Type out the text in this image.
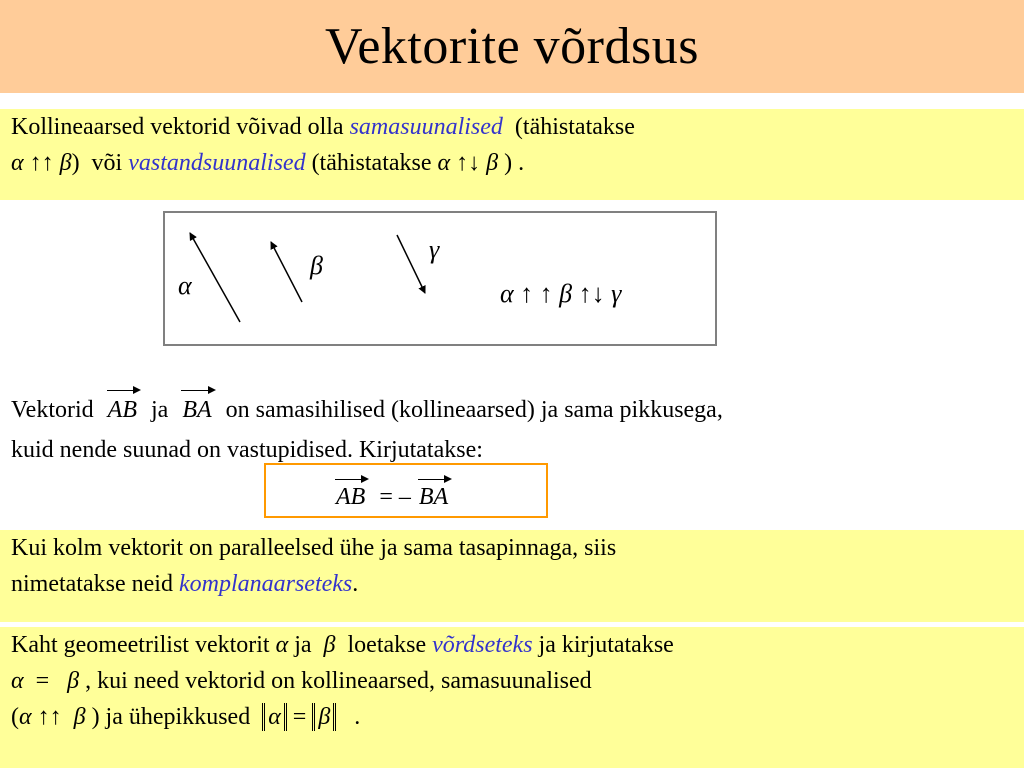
Vektorite võrdsus
Kollineaarsed vektorid võivad olla samasuunalised  (tähistatakse
α ↑↑ β)  või vastandsuunalised (tähistatakse α ↑↓ β ) .
α
β
γ
α ↑ ↑ β ↑↓ γ
Vektorid  AB  ja  BA  on samasihilised (kollineaarsed) ja sama pikkusega,
kuid nende suunad on vastupidised. Kirjutatakse:
AB  = – BA
Kui kolm vektorit on paralleelsed ühe ja sama tasapinnaga, siis
nimetatakse neid komplanaarseteks.
Kaht geomeetrilist vektorit α ja  β  loetakse võrdseteks ja kirjutatakse
α  =   β , kui need vektorid on kollineaarsed, samasuunalised
(α ↑↑  β ) ja ühepikkused  α = β   .
